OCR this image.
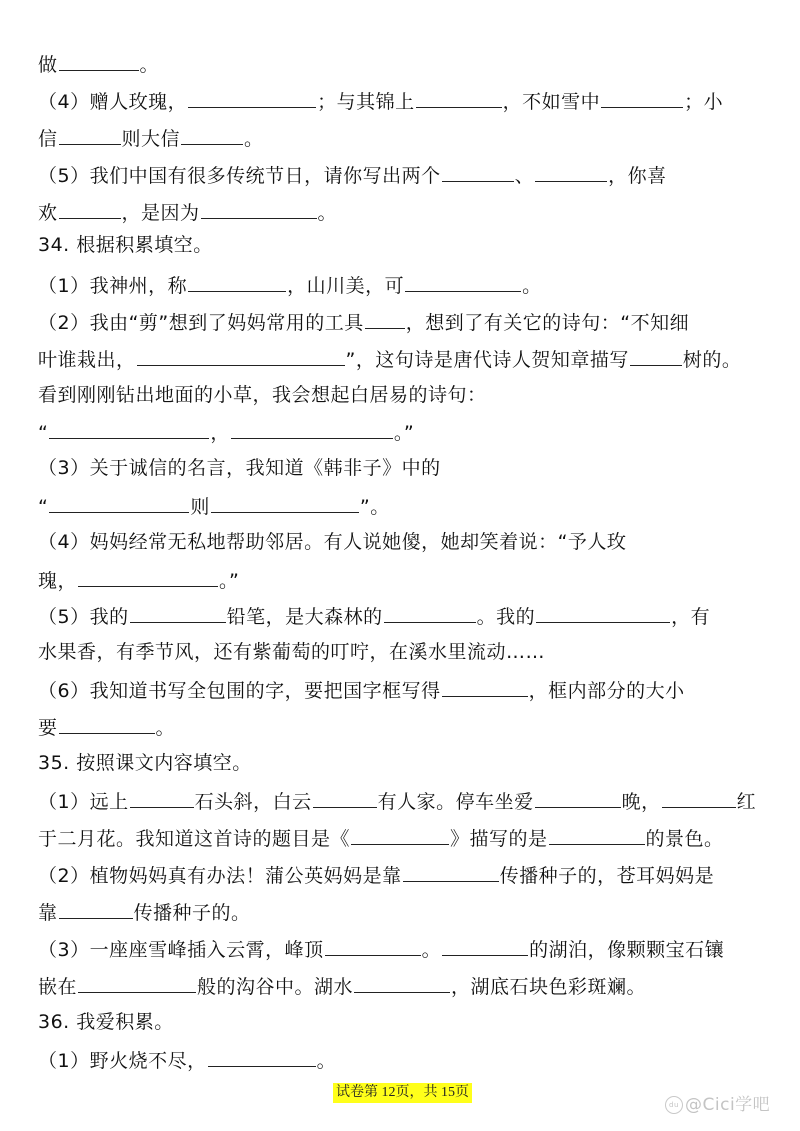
做	。
（4）赠人玫瑰，	；与其锦上	，不如雪中	；小
信	则大信	。
（5）我们中国有很多传统节日，请你写出两个	、	，你喜
欢	，是因为	。
34. 根据积累填空。
（1）我神州，称	，山川美，可	。
（2）我由“剪”想到了妈妈常用的工具 ，想到了有关它的诗句：“不知细
叶谁栽出，	”，这句诗是唐代诗人贺知章描写	树的。
看到刚刚钻出地面的小草，我会想起白居易的诗句：
“	，	。”
（3）关于诚信的名言，我知道《韩非子》中的
“	则	”。
（4）妈妈经常无私地帮助邻居。有人说她傻，她却笑着说：“予人玫
瑰，	。”
（5）我的	铅笔，是大森林的	。我的	，有
水果香，有季节风，还有紫葡萄的叮咛，在溪水里流动……
（6）我知道书写全包围的字，要把国字框写得	，框内部分的大小
要	。
35. 按照课文内容填空。
（1）远上	石头斜，白云	有人家。停车坐爱	晚，	红
于二月花。我知道这首诗的题目是《	》描写的是	的景色。
（2）植物妈妈真有办法！蒲公英妈妈是靠	传播种子的，苍耳妈妈是
靠	传播种子的。
（3）一座座雪峰插入云霄，峰顶	。	的湖泊，像颗颗宝石镶
嵌在	般的沟谷中。湖水	，湖底石块色彩斑斓。
36. 我爱积累。
（1）野火烧不尽，	。
试卷第 12页，共 15页
du @Cici学吧
